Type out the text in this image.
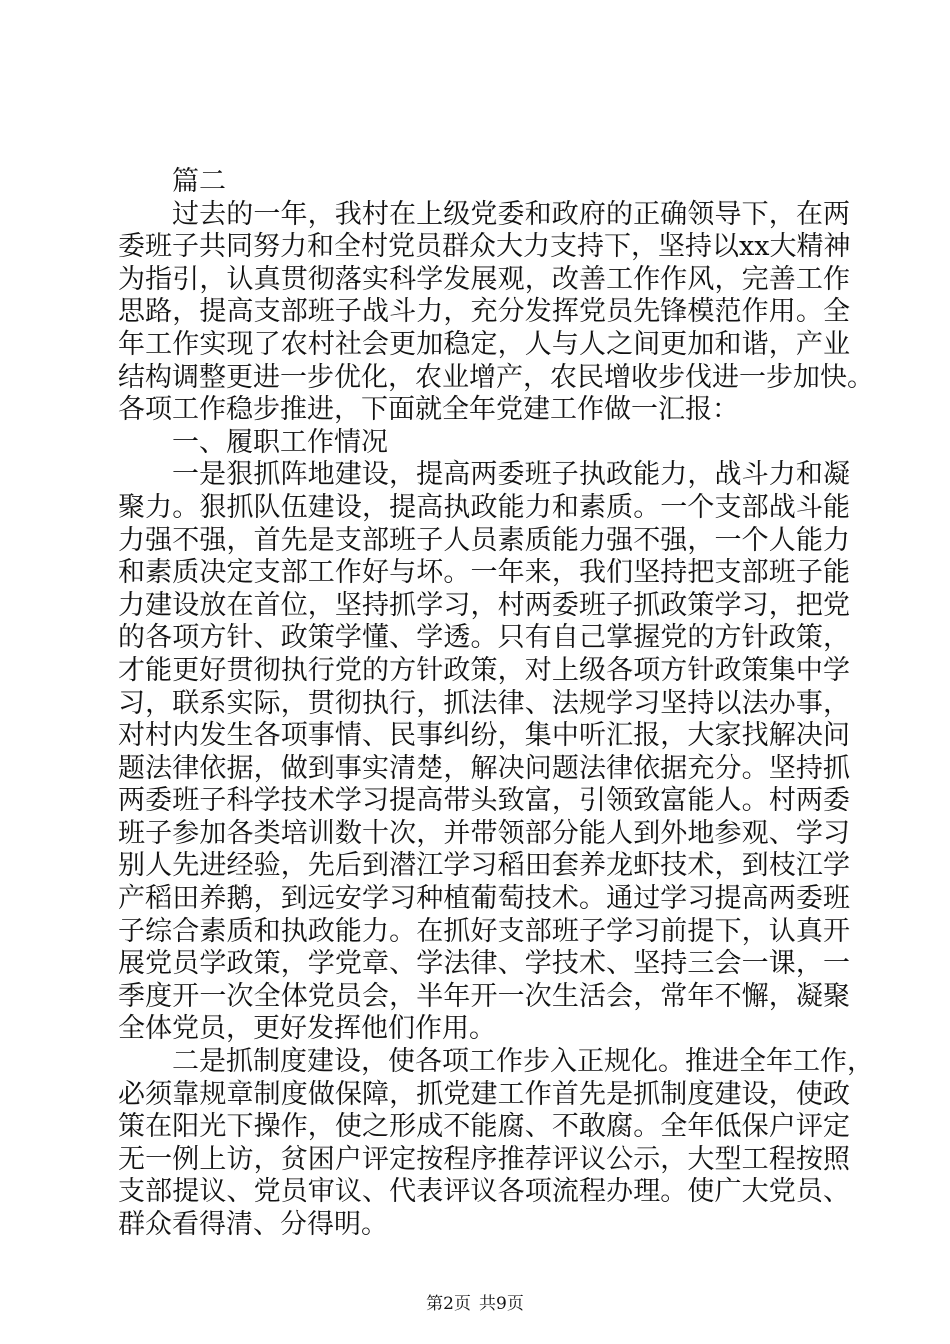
篇二
过去的一年，我村在上级党委和政府的正确领导下，在两
委班子共同努力和全村党员群众大力支持下，坚持以xx大精神
为指引，认真贯彻落实科学发展观，改善工作作风，完善工作
思路，提高支部班子战斗力，充分发挥党员先锋模范作用。全
年工作实现了农村社会更加稳定，人与人之间更加和谐，产业
结构调整更进一步优化，农业增产，农民增收步伐进一步加快。
各项工作稳步推进，下面就全年党建工作做一汇报：
一、履职工作情况
一是狠抓阵地建设，提高两委班子执政能力，战斗力和凝
聚力。狠抓队伍建设，提高执政能力和素质。一个支部战斗能
力强不强，首先是支部班子人员素质能力强不强，一个人能力
和素质决定支部工作好与坏。一年来，我们坚持把支部班子能
力建设放在首位，坚持抓学习，村两委班子抓政策学习，把党
的各项方针、政策学懂、学透。只有自己掌握党的方针政策，
才能更好贯彻执行党的方针政策，对上级各项方针政策集中学
习，联系实际，贯彻执行，抓法律、法规学习坚持以法办事，
对村内发生各项事情、民事纠纷，集中听汇报，大家找解决问
题法律依据，做到事实清楚，解决问题法律依据充分。坚持抓
两委班子科学技术学习提高带头致富，引领致富能人。村两委
班子参加各类培训数十次，并带领部分能人到外地参观、学习
别人先进经验，先后到潜江学习稻田套养龙虾技术，到枝江学
产稻田养鹅，到远安学习种植葡萄技术。通过学习提高两委班
子综合素质和执政能力。在抓好支部班子学习前提下，认真开
展党员学政策，学党章、学法律、学技术、坚持三会一课，一
季度开一次全体党员会，半年开一次生活会，常年不懈，凝聚
全体党员，更好发挥他们作用。
二是抓制度建设，使各项工作步入正规化。推进全年工作，
必须靠规章制度做保障，抓党建工作首先是抓制度建设，使政
策在阳光下操作，使之形成不能腐、不敢腐。全年低保户评定
无一例上访，贫困户评定按程序推荐评议公示，大型工程按照
支部提议、党员审议、代表评议各项流程办理。使广大党员、
群众看得清、分得明。
第2页 共9页
